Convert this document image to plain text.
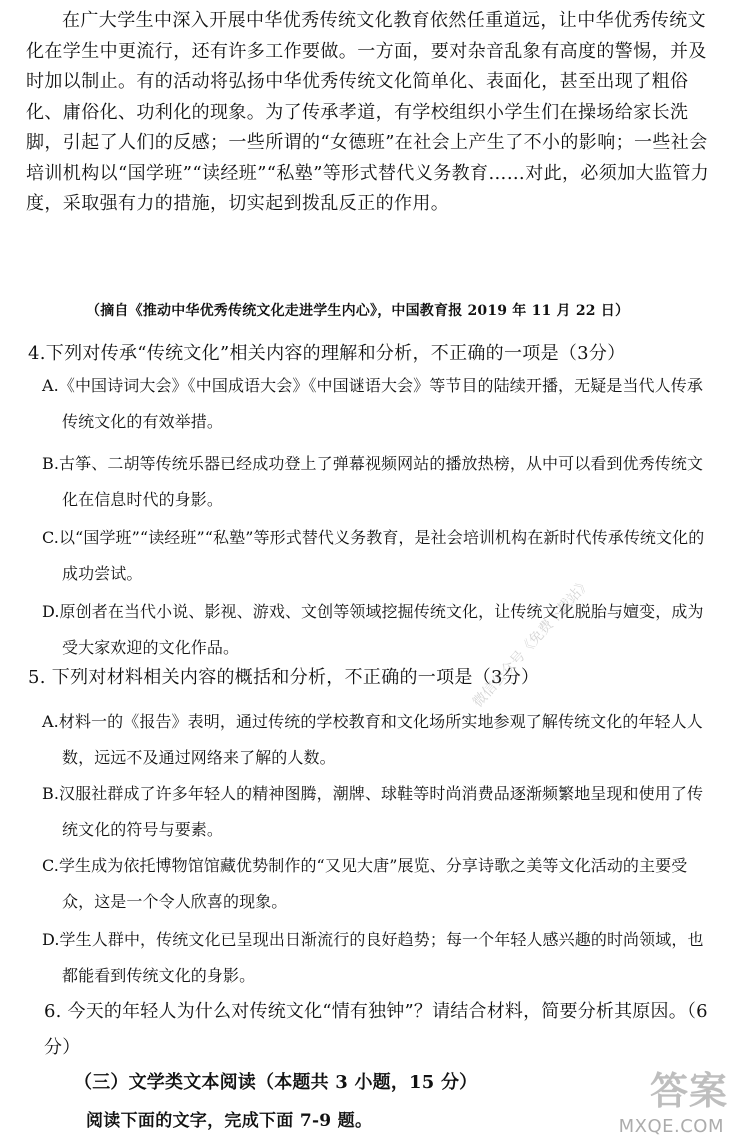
在广大学生中深入开展中华优秀传统文化教育依然任重道远，让中华优秀传统文化在学生中更流行，还有许多工作要做。一方面，要对杂音乱象有高度的警惕，并及时加以制止。有的活动将弘扬中华优秀传统文化简单化、表面化，甚至出现了粗俗化、庸俗化、功利化的现象。为了传承孝道，有学校组织小学生们在操场给家长洗脚，引起了人们的反感；一些所谓的“女德班”在社会上产生了不小的影响；一些社会培训机构以“国学班”“读经班”“私塾”等形式替代义务教育……对此，必须加大监管力度，采取强有力的措施，切实起到拨乱反正的作用。
（摘自《推动中华优秀传统文化走进学生内心》，中国教育报 2019 年 11 月 22 日）
4.下列对传承“传统文化”相关内容的理解和分析，不正确的一项是（3分）
A.《中国诗词大会》《中国成语大会》《中国谜语大会》等节目的陆续开播，无疑是当代人传承传统文化的有效举措。
B.古筝、二胡等传统乐器已经成功登上了弹幕视频网站的播放热榜，从中可以看到优秀传统文化在信息时代的身影。
C.以“国学班”“读经班”“私塾”等形式替代义务教育，是社会培训机构在新时代传承传统文化的成功尝试。
D.原创者在当代小说、影视、游戏、文创等领域挖掘传统文化，让传统文化脱胎与嬗变，成为受大家欢迎的文化作品。
5. 下列对材料相关内容的概括和分析，不正确的一项是（3分）
A.材料一的《报告》表明，通过传统的学校教育和文化场所实地参观了解传统文化的年轻人人数，远远不及通过网络来了解的人数。
B.汉服社群成了许多年轻人的精神图腾，潮牌、球鞋等时尚消费品逐渐频繁地呈现和使用了传统文化的符号与要素。
C.学生成为依托博物馆馆藏优势制作的“又见大唐”展览、分享诗歌之美等文化活动的主要受众，这是一个令人欣喜的现象。
D.学生人群中，传统文化已呈现出日渐流行的良好趋势；每一个年轻人感兴趣的时尚领域，也都能看到传统文化的身影。
6. 今天的年轻人为什么对传统文化“情有独钟”？请结合材料，简要分析其原因。（6分）
（三）文学类文本阅读（本题共 3 小题，15 分）
阅读下面的文字，完成下面 7-9 题。
微信公众号《免费下载站》
答案
MXQE.COM
